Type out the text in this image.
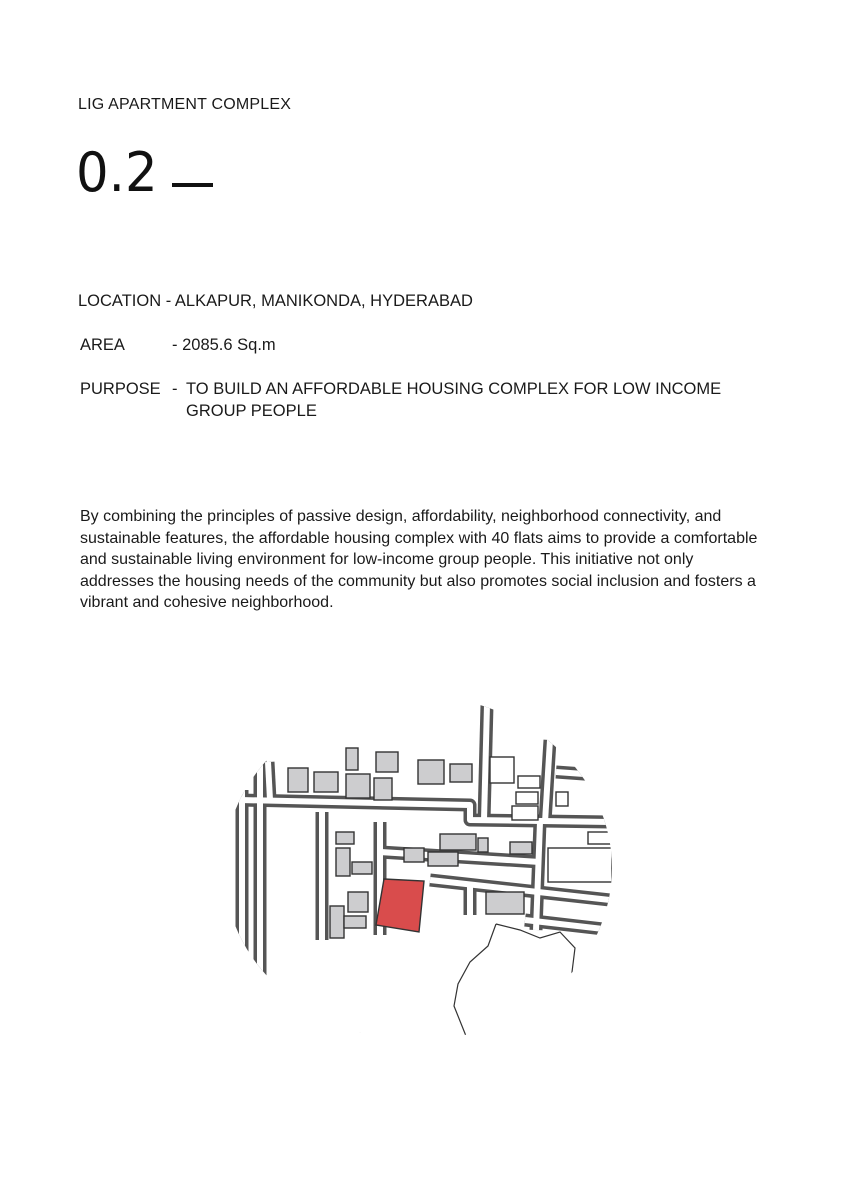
LIG APARTMENT COMPLEX
0.2
LOCATION - ALKAPUR, MANIKONDA, HYDERABAD
AREA	- 2085.6 Sq.m
PURPOSE - TO BUILD AN AFFORDABLE HOUSING COMPLEX FOR LOW INCOME GROUP PEOPLE
By combining the principles of passive design, affordability, neighborhood connectivity, and sustainable features, the affordable housing complex with 40 flats aims to provide a comfortable and sustainable living environment for low-income group people. This initiative not only addresses the housing needs of the community but also promotes social inclusion and fosters a vibrant and cohesive neighborhood.
